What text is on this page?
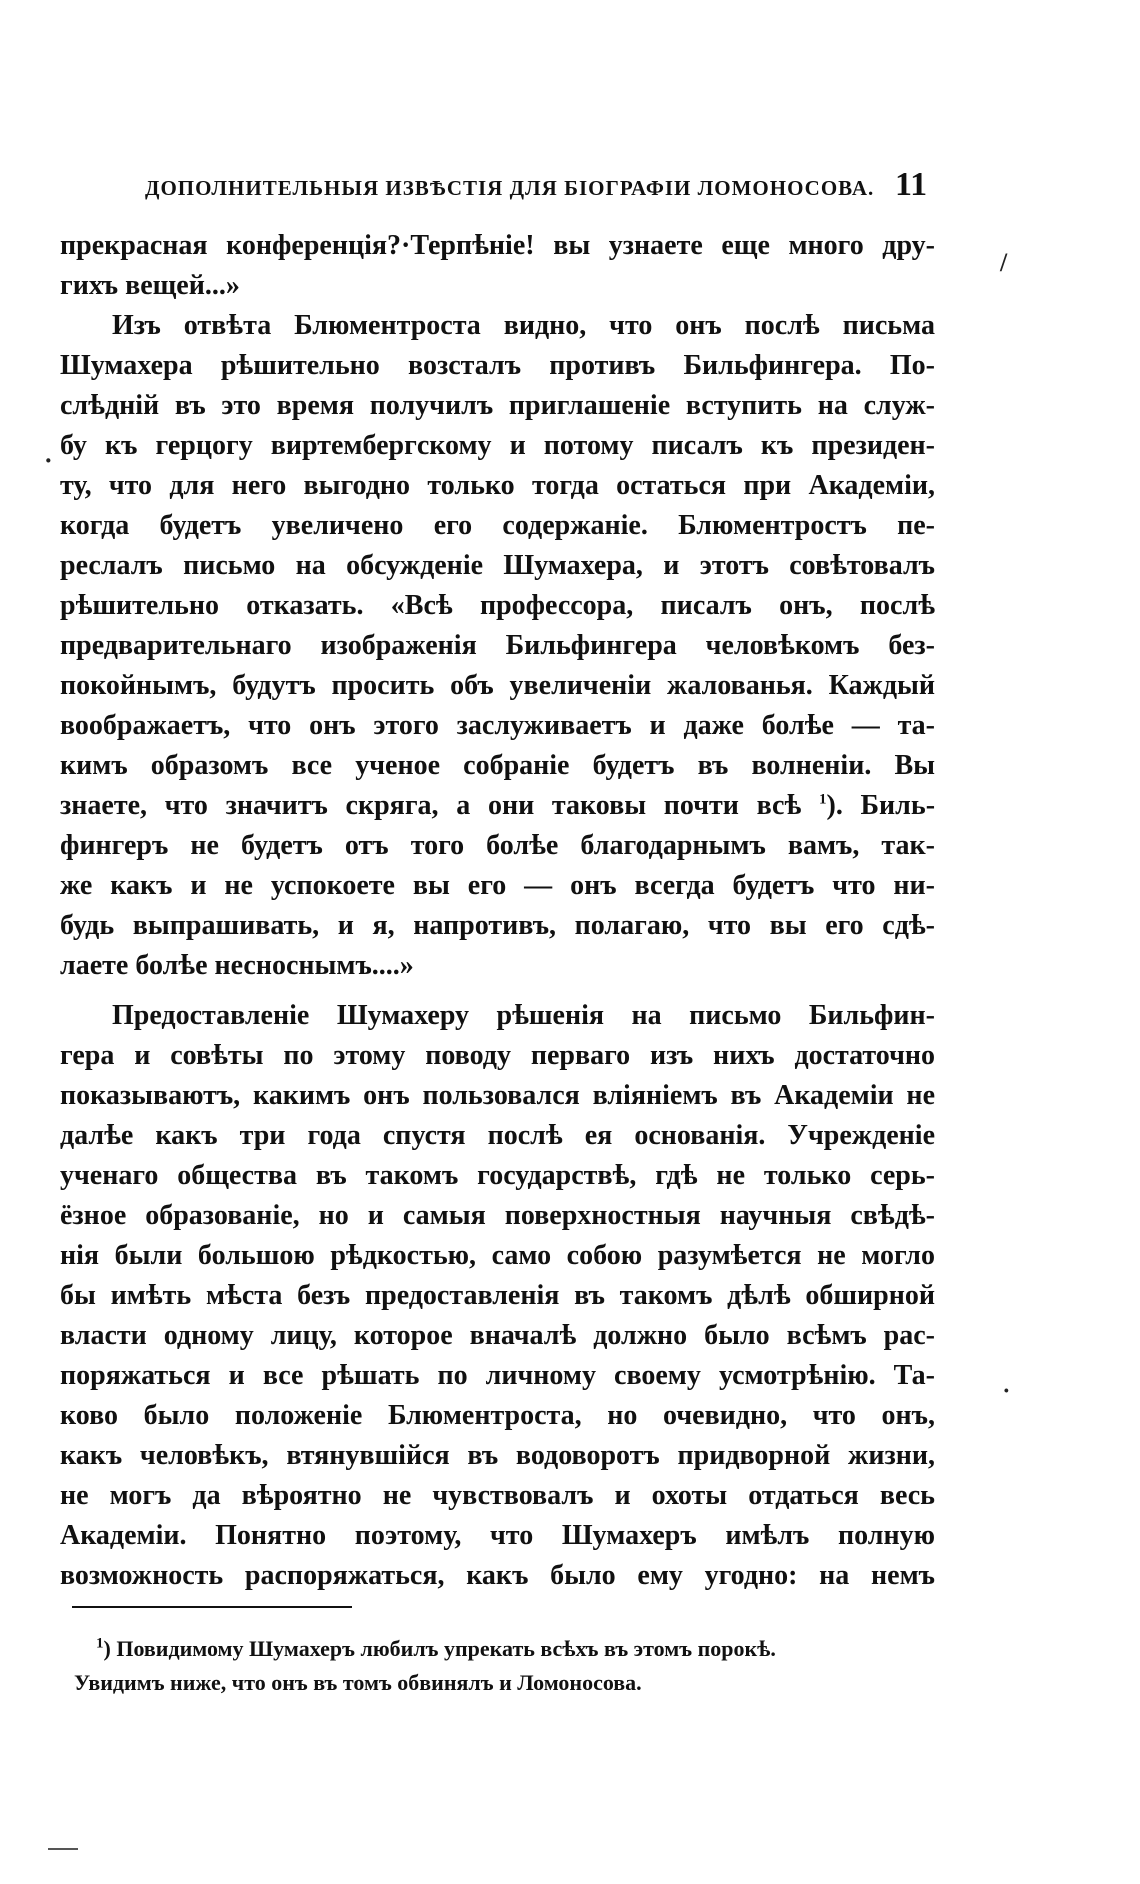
ДОПОЛНИТЕЛЬНЫЯ ИЗВѢСТІЯ ДЛЯ БІОГРАФІИ ЛОМОНОСОВА. 11
прекрасная конференція?·Терпѣніе! вы узнаете еще много дру-
гихъ вещей...»
Изъ отвѣта Блюментроста видно, что онъ послѣ письма
Шумахера рѣшительно возсталъ противъ Бильфингера. По-
слѣдній въ это время получилъ приглашеніе вступить на служ-
бу къ герцогу виртембергскому и потому писалъ къ президен-
ту, что для него выгодно только тогда остаться при Академіи,
когда будетъ увеличено его содержаніе. Блюментростъ пе-
реслалъ письмо на обсужденіе Шумахера, и этотъ совѣтовалъ
рѣшительно отказать. «Всѣ профессора, писалъ онъ, послѣ
предварительнаго изображенія Бильфингера человѣкомъ без-
покойнымъ, будутъ просить объ увеличеніи жалованья. Каждый
воображаетъ, что онъ этого заслуживаетъ и даже болѣе — та-
кимъ образомъ все ученое собраніе будетъ въ волненіи. Вы
знаете, что значитъ скряга, а они таковы почти всѣ $^1$). Биль-
фингеръ не будетъ отъ того болѣе благодарнымъ вамъ, так-
же какъ и не успокоете вы его — онъ всегда будетъ что ни-
будь выпрашивать, и я, напротивъ, полагаю, что вы его сдѣ-
лаете болѣе несноснымъ....»
Предоставленіе Шумахеру рѣшенія на письмо Бильфин-
гера и совѣты по этому поводу перваго изъ нихъ достаточно
показываютъ, какимъ онъ пользовался вліяніемъ въ Академіи не
далѣе какъ три года спустя послѣ ея основанія. Учрежденіе
ученаго общества въ такомъ государствѣ, гдѣ не только серь-
ёзное образованіе, но и самыя поверхностныя научныя свѣдѣ-
нія были большою рѣдкостью, само собою разумѣется не могло
бы имѣть мѣста безъ предоставленія въ такомъ дѣлѣ обширной
власти одному лицу, которое вначалѣ должно было всѣмъ рас-
поряжаться и все рѣшать по личному своему усмотрѣнію. Та-
ково было положеніе Блюментроста, но очевидно, что онъ,
какъ человѣкъ, втянувшійся въ водоворотъ придворной жизни,
не могъ да вѣроятно не чувствовалъ и охоты отдаться весь
Академіи. Понятно поэтому, что Шумахеръ имѣлъ полную
возможность распоряжаться, какъ было ему угодно: на немъ
$^1$) Повидимому Шумахеръ любилъ упрекать всѣхъ въ этомъ порокѣ.
Увидимъ ниже, что онъ въ томъ обвинялъ и Ломоносова.
/
·
˙
